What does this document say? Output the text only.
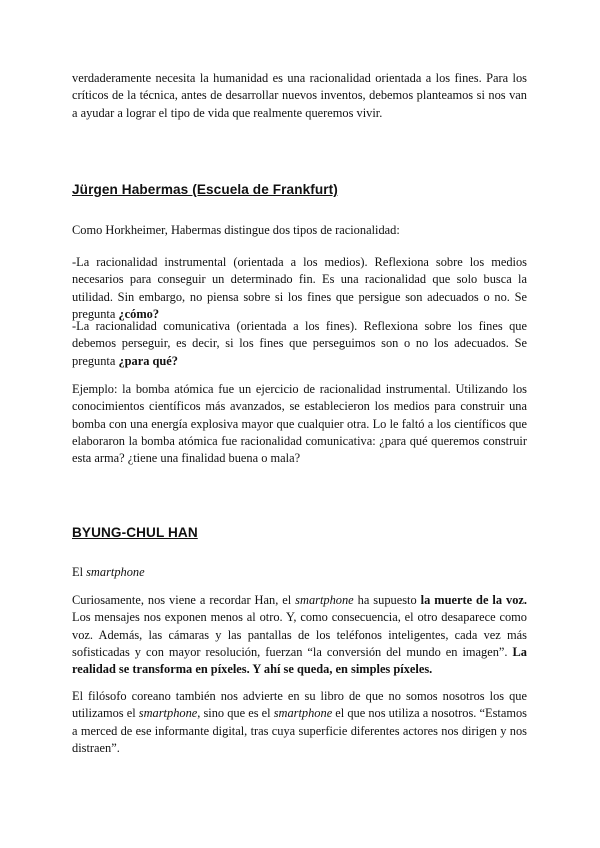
verdaderamente necesita la humanidad es una racionalidad orientada a los fines. Para los críticos de la técnica, antes de desarrollar nuevos inventos, debemos planteamos si nos van a ayudar a lograr el tipo de vida que realmente queremos vivir.

Jürgen Habermas (Escuela de Frankfurt)

Como Horkheimer, Habermas distingue dos tipos de racionalidad:

-La racionalidad instrumental (orientada a los medios). Reflexiona sobre los medios necesarios para conseguir un determinado fin. Es una racionalidad que solo busca la utilidad. Sin embargo, no piensa sobre si los fines que persigue son adecuados o no. Se pregunta ¿cómo?

-La racionalidad comunicativa (orientada a los fines). Reflexiona sobre los fines que debemos perseguir, es decir, si los fines que perseguimos son o no los adecuados. Se pregunta ¿para qué?

Ejemplo: la bomba atómica fue un ejercicio de racionalidad instrumental. Utilizando los conocimientos científicos más avanzados, se establecieron los medios para construir una bomba con una energía explosiva mayor que cualquier otra. Lo le faltó a los científicos que elaboraron la bomba atómica fue racionalidad comunicativa: ¿para qué queremos construir esta arma? ¿tiene una finalidad buena o mala?

BYUNG-CHUL HAN

El smartphone

Curiosamente, nos viene a recordar Han, el smartphone ha supuesto la muerte de la voz. Los mensajes nos exponen menos al otro. Y, como consecuencia, el otro desaparece como voz. Además, las cámaras y las pantallas de los teléfonos inteligentes, cada vez más sofisticadas y con mayor resolución, fuerzan “la conversión del mundo en imagen”. La realidad se transforma en píxeles. Y ahí se queda, en simples píxeles.

El filósofo coreano también nos advierte en su libro de que no somos nosotros los que utilizamos el smartphone, sino que es el smartphone el que nos utiliza a nosotros. “Estamos a merced de ese informante digital, tras cuya superficie diferentes actores nos dirigen y nos distraen”.
